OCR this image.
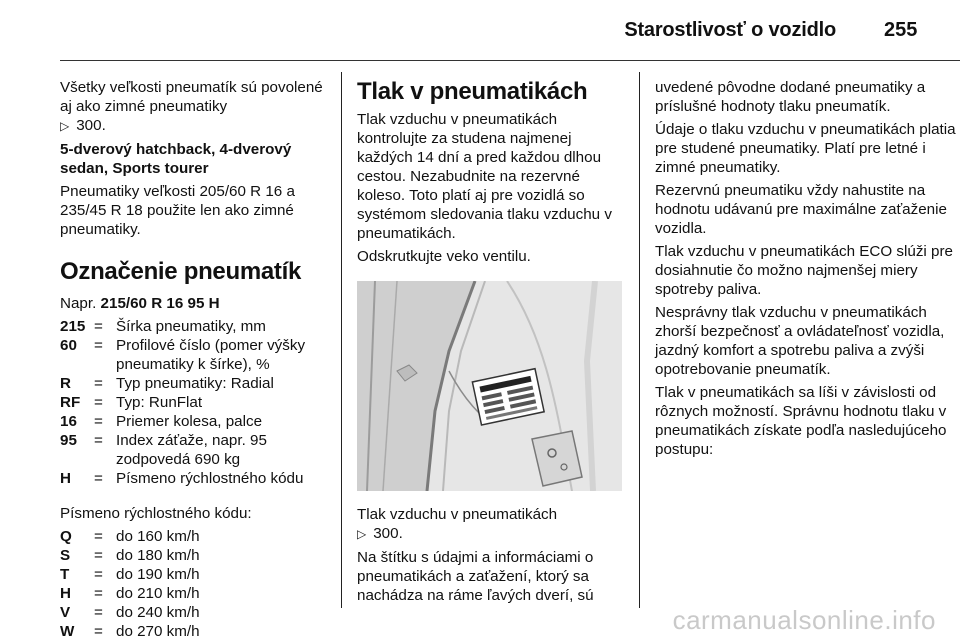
Starostlivosť o vozidlo 255

Všetky veľkosti pneumatík sú povolené aj ako zimné pneumatiky
▷ 300.

5-dverový hatchback, 4-dverový sedan, Sports tourer

Pneumatiky veľkosti 205/60 R 16 a 235/45 R 18 použite len ako zimné pneumatiky.

Označenie pneumatík

Napr. 215/60 R 16 95 H

215 = Šírka pneumatiky, mm
60	= Profilové číslo (pomer výšky pneumatiky k šírke), %
R	= Typ pneumatiky: Radial
RF = Typ: RunFlat
16	= Priemer kolesa, palce
95	= Index záťaže, napr. 95 zodpovedá 690 kg
H	= Písmeno rýchlostného kódu

Písmeno rýchlostného kódu:

Q	= do 160 km/h
S	= do 180 km/h
T	= do 190 km/h
H	= do 210 km/h
V	= do 240 km/h
W	= do 270 km/h
Tlak v pneumatikách

Tlak vzduchu v pneumatikách kontrolujte za studena najmenej každých 14 dní a pred každou dlhou cestou. Nezabudnite na rezervné koleso. Toto platí aj pre vozidlá so systémom sledovania tlaku vzduchu v pneumatikách.

Odskrutkujte veko ventilu.

Tlak vzduchu v pneumatikách
▷ 300.

Na štítku s údajmi a informáciami o pneumatikách a zaťažení, ktorý sa nachádza na ráme ľavých dverí, sú

uvedené pôvodne dodané pneumatiky a príslušné hodnoty tlaku pneumatík.

Údaje o tlaku vzduchu v pneumatikách platia pre studené pneumatiky. Platí pre letné i zimné pneumatiky.

Rezervnú pneumatiku vždy nahustite na hodnotu udávanú pre maximálne zaťaženie vozidla.

Tlak vzduchu v pneumatikách ECO slúži pre dosiahnutie čo možno najmenšej miery spotreby paliva.

Nesprávny tlak vzduchu v pneumatikách zhorší bezpečnosť a ovládateľnosť vozidla, jazdný komfort a spotrebu paliva a zvýši opotrebovanie pneumatík.

Tlak v pneumatikách sa líši v závislosti od rôznych možností. Správnu hodnotu tlaku v pneumatikách získate podľa nasledujúceho postupu:

carmanualsonline.info
